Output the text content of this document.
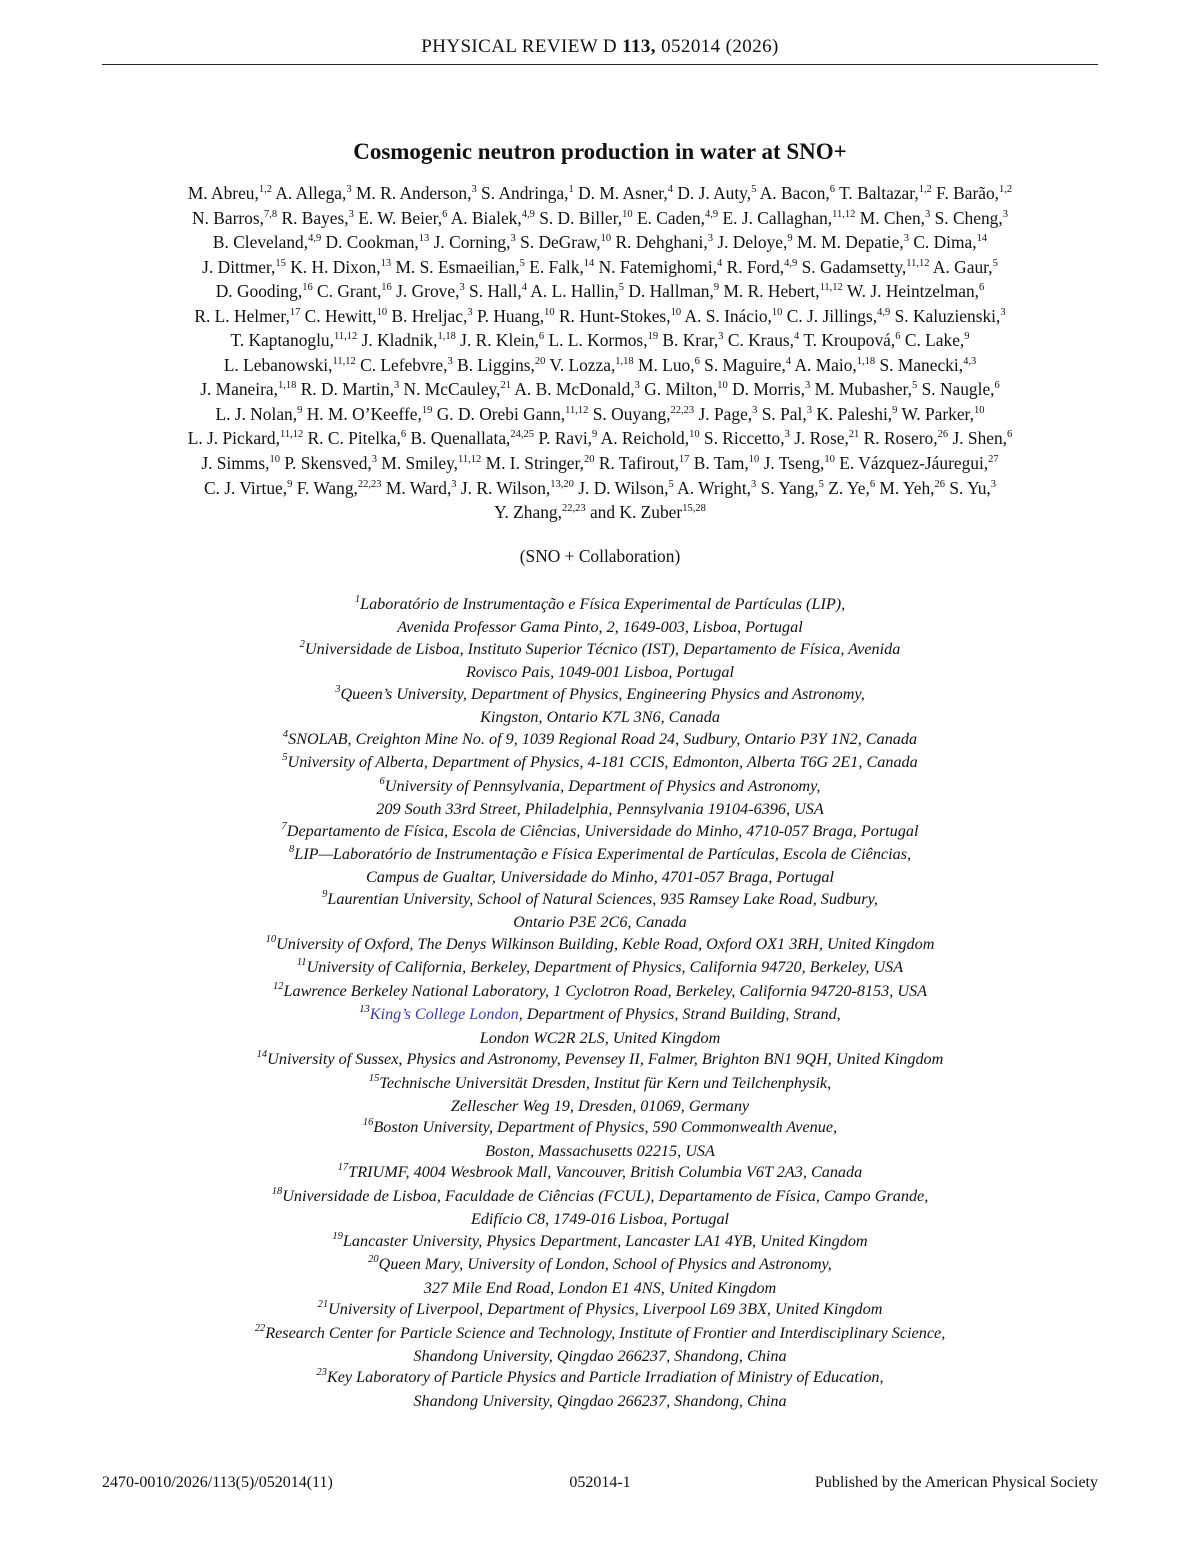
PHYSICAL REVIEW D 113, 052014 (2026)
Cosmogenic neutron production in water at SNO+
M. Abreu,$^{1,2}$ A. Allega,$^3$ M. R. Anderson,$^3$ S. Andringa,$^1$ D. M. Asner,$^4$ D. J. Auty,$^5$ A. Bacon,$^6$ T. Baltazar,$^{1,2}$ F. Barão,$^{1,2}$
N. Barros,$^{7,8}$ R. Bayes,$^3$ E. W. Beier,$^6$ A. Bialek,$^{4,9}$ S. D. Biller,$^{10}$ E. Caden,$^{4,9}$ E. J. Callaghan,$^{11,12}$ M. Chen,$^3$ S. Cheng,$^3$
B. Cleveland,$^{4,9}$ D. Cookman,$^{13}$ J. Corning,$^3$ S. DeGraw,$^{10}$ R. Dehghani,$^3$ J. Deloye,$^9$ M. M. Depatie,$^3$ C. Dima,$^{14}$
J. Dittmer,$^{15}$ K. H. Dixon,$^{13}$ M. S. Esmaeilian,$^5$ E. Falk,$^{14}$ N. Fatemighomi,$^4$ R. Ford,$^{4,9}$ S. Gadamsetty,$^{11,12}$ A. Gaur,$^5$
D. Gooding,$^{16}$ C. Grant,$^{16}$ J. Grove,$^3$ S. Hall,$^4$ A. L. Hallin,$^5$ D. Hallman,$^9$ M. R. Hebert,$^{11,12}$ W. J. Heintzelman,$^6$
R. L. Helmer,$^{17}$ C. Hewitt,$^{10}$ B. Hreljac,$^3$ P. Huang,$^{10}$ R. Hunt-Stokes,$^{10}$ A. S. Inácio,$^{10}$ C. J. Jillings,$^{4,9}$ S. Kaluzienski,$^3$
T. Kaptanoglu,$^{11,12}$ J. Kladnik,$^{1,18}$ J. R. Klein,$^6$ L. L. Kormos,$^{19}$ B. Krar,$^3$ C. Kraus,$^4$ T. Kroupová,$^6$ C. Lake,$^9$
L. Lebanowski,$^{11,12}$ C. Lefebvre,$^3$ B. Liggins,$^{20}$ V. Lozza,$^{1,18}$ M. Luo,$^6$ S. Maguire,$^4$ A. Maio,$^{1,18}$ S. Manecki,$^{4,3}$
J. Maneira,$^{1,18}$ R. D. Martin,$^3$ N. McCauley,$^{21}$ A. B. McDonald,$^3$ G. Milton,$^{10}$ D. Morris,$^3$ M. Mubasher,$^5$ S. Naugle,$^6$
L. J. Nolan,$^9$ H. M. O’Keeffe,$^{19}$ G. D. Orebi Gann,$^{11,12}$ S. Ouyang,$^{22,23}$ J. Page,$^3$ S. Pal,$^3$ K. Paleshi,$^9$ W. Parker,$^{10}$
L. J. Pickard,$^{11,12}$ R. C. Pitelka,$^6$ B. Quenallata,$^{24,25}$ P. Ravi,$^9$ A. Reichold,$^{10}$ S. Riccetto,$^3$ J. Rose,$^{21}$ R. Rosero,$^{26}$ J. Shen,$^6$
J. Simms,$^{10}$ P. Skensved,$^3$ M. Smiley,$^{11,12}$ M. I. Stringer,$^{20}$ R. Tafirout,$^{17}$ B. Tam,$^{10}$ J. Tseng,$^{10}$ E. Vázquez-Jáuregui,$^{27}$
C. J. Virtue,$^9$ F. Wang,$^{22,23}$ M. Ward,$^3$ J. R. Wilson,$^{13,20}$ J. D. Wilson,$^5$ A. Wright,$^3$ S. Yang,$^5$ Z. Ye,$^6$ M. Yeh,$^{26}$ S. Yu,$^3$
Y. Zhang,$^{22,23}$ and K. Zuber$^{15,28}$
(SNO + Collaboration)
$^1$Laboratório de Instrumentação e Física Experimental de Partículas (LIP),
Avenida Professor Gama Pinto, 2, 1649-003, Lisboa, Portugal
$^2$Universidade de Lisboa, Instituto Superior Técnico (IST), Departamento de Física, Avenida
Rovisco Pais, 1049-001 Lisboa, Portugal
$^3$Queen’s University, Department of Physics, Engineering Physics and Astronomy,
Kingston, Ontario K7L 3N6, Canada
$^4$SNOLAB, Creighton Mine No. of 9, 1039 Regional Road 24, Sudbury, Ontario P3Y 1N2, Canada
$^5$University of Alberta, Department of Physics, 4-181 CCIS, Edmonton, Alberta T6G 2E1, Canada
$^6$University of Pennsylvania, Department of Physics and Astronomy,
209 South 33rd Street, Philadelphia, Pennsylvania 19104-6396, USA
$^7$Departamento de Física, Escola de Ciências, Universidade do Minho, 4710-057 Braga, Portugal
$^8$LIP—Laboratório de Instrumentação e Física Experimental de Partículas, Escola de Ciências,
Campus de Gualtar, Universidade do Minho, 4701-057 Braga, Portugal
$^9$Laurentian University, School of Natural Sciences, 935 Ramsey Lake Road, Sudbury,
Ontario P3E 2C6, Canada
$^{10}$University of Oxford, The Denys Wilkinson Building, Keble Road, Oxford OX1 3RH, United Kingdom
$^{11}$University of California, Berkeley, Department of Physics, California 94720, Berkeley, USA
$^{12}$Lawrence Berkeley National Laboratory, 1 Cyclotron Road, Berkeley, California 94720-8153, USA
$^{13}$King’s College London, Department of Physics, Strand Building, Strand,
London WC2R 2LS, United Kingdom
$^{14}$University of Sussex, Physics and Astronomy, Pevensey II, Falmer, Brighton BN1 9QH, United Kingdom
$^{15}$Technische Universität Dresden, Institut für Kern und Teilchenphysik,
Zellescher Weg 19, Dresden, 01069, Germany
$^{16}$Boston University, Department of Physics, 590 Commonwealth Avenue,
Boston, Massachusetts 02215, USA
$^{17}$TRIUMF, 4004 Wesbrook Mall, Vancouver, British Columbia V6T 2A3, Canada
$^{18}$Universidade de Lisboa, Faculdade de Ciências (FCUL), Departamento de Física, Campo Grande,
Edifício C8, 1749-016 Lisboa, Portugal
$^{19}$Lancaster University, Physics Department, Lancaster LA1 4YB, United Kingdom
$^{20}$Queen Mary, University of London, School of Physics and Astronomy,
327 Mile End Road, London E1 4NS, United Kingdom
$^{21}$University of Liverpool, Department of Physics, Liverpool L69 3BX, United Kingdom
$^{22}$Research Center for Particle Science and Technology, Institute of Frontier and Interdisciplinary Science,
Shandong University, Qingdao 266237, Shandong, China
$^{23}$Key Laboratory of Particle Physics and Particle Irradiation of Ministry of Education,
Shandong University, Qingdao 266237, Shandong, China
2470-0010/2026/113(5)/052014(11)	052014-1	Published by the American Physical Society
